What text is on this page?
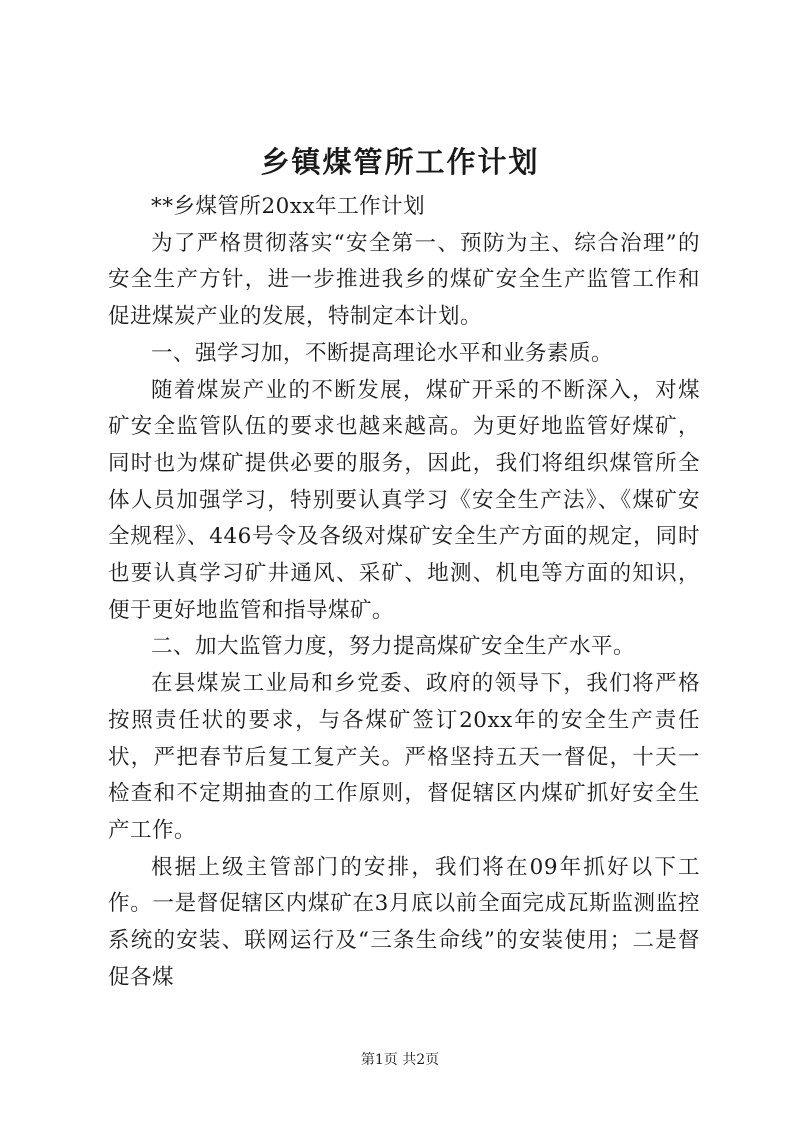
乡镇煤管所工作计划

**乡煤管所20xx年工作计划

为了严格贯彻落实“安全第一、预防为主、综合治理”的安全生产方针，进一步推进我乡的煤矿安全生产监管工作和促进煤炭产业的发展，特制定本计划。

一、强学习加，不断提高理论水平和业务素质。

随着煤炭产业的不断发展，煤矿开采的不断深入，对煤矿安全监管队伍的要求也越来越高。为更好地监管好煤矿，同时也为煤矿提供必要的服务，因此，我们将组织煤管所全体人员加强学习，特别要认真学习《安全生产法》、《煤矿安全规程》、446号令及各级对煤矿安全生产方面的规定，同时也要认真学习矿井通风、采矿、地测、机电等方面的知识，便于更好地监管和指导煤矿。

二、加大监管力度，努力提高煤矿安全生产水平。

在县煤炭工业局和乡党委、政府的领导下，我们将严格按照责任状的要求，与各煤矿签订20xx年的安全生产责任状，严把春节后复工复产关。严格坚持五天一督促，十天一检查和不定期抽查的工作原则，督促辖区内煤矿抓好安全生产工作。

根据上级主管部门的安排，我们将在09年抓好以下工作。一是督促辖区内煤矿在3月底以前全面完成瓦斯监测监控系统的安装、联网运行及“三条生命线”的安装使用；二是督促各煤

第1页 共2页
